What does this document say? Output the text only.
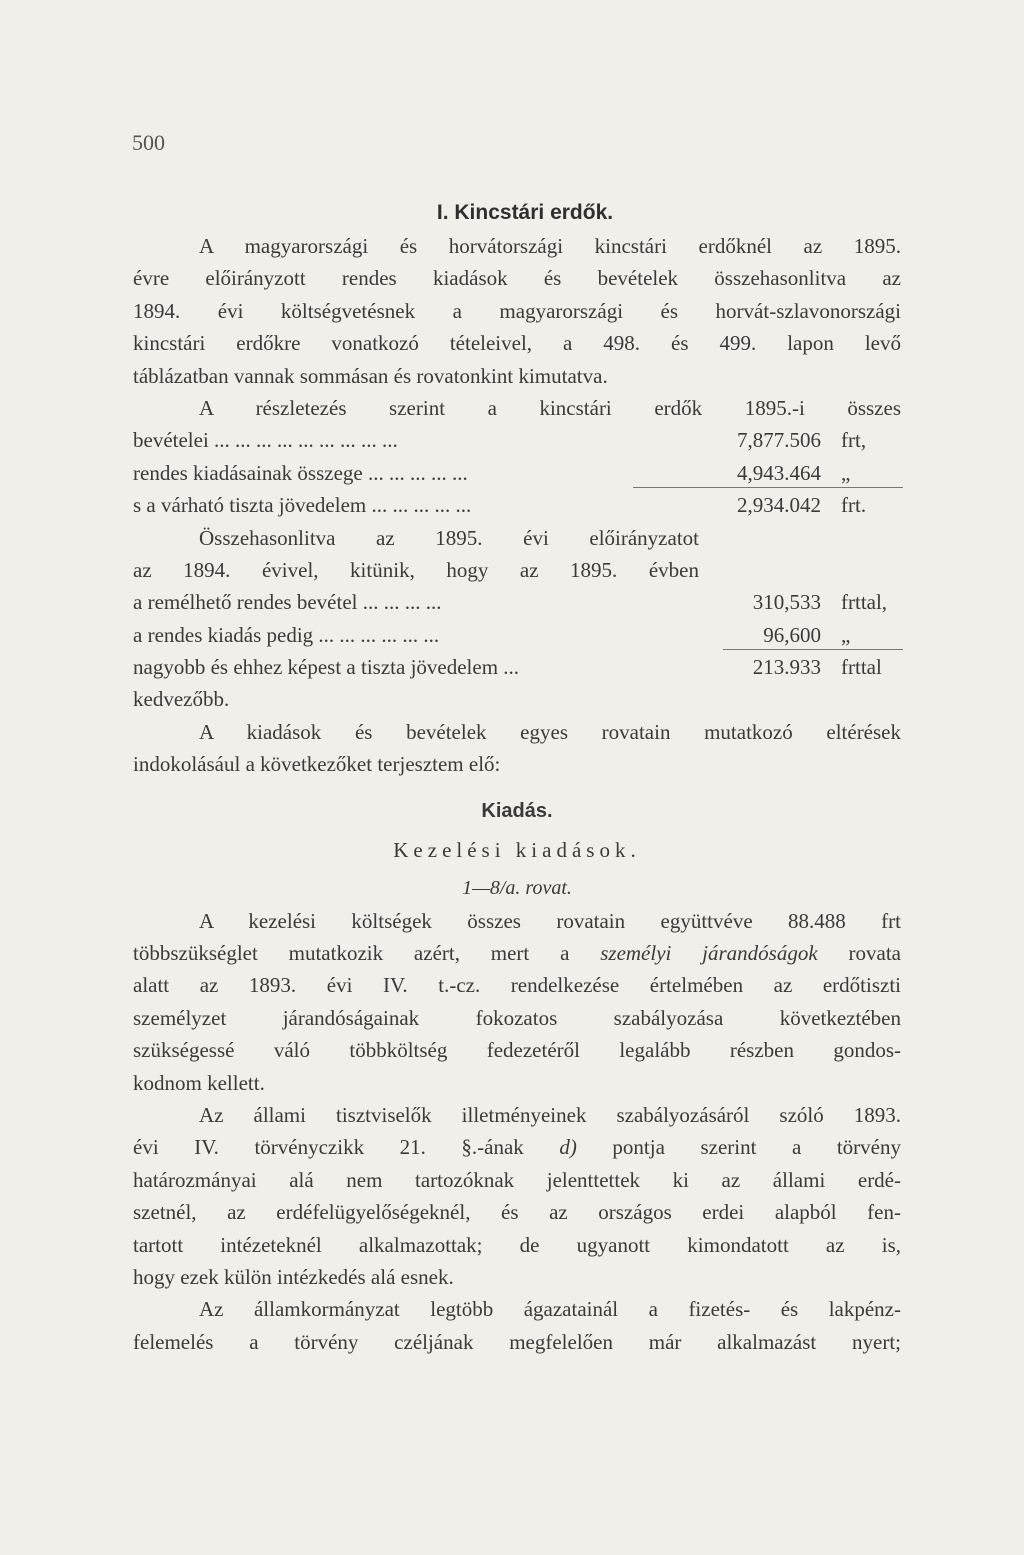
500
I. Kincstári erdők.
A magyarországi és horvátországi kincstári erdőknél az 1895.
évre előirányzott rendes kiadások és bevételek összehasonlitva az
1894. évi költségvetésnek a magyarországi és horvát-szlavonországi
kincstári erdőkre vonatkozó tételeivel, a 498. és 499. lapon levő
táblázatban vannak sommásan és rovatonkint kimutatva.
A részletezés szerint a kincstári erdők 1895.-i összes
bevételei ... ... ... ... ... ... ... ... ...	7,877.506 frt,
rendes kiadásainak összege ... ... ... ... ...	4,943.464 „
s a várható tiszta jövedelem ... ... ... ... ...	2,934.042 frt.
Összehasonlitva az 1895. évi előirányzatot
az 1894. évivel, kitünik, hogy az 1895. évben
a remélhető rendes bevétel ... ... ... ...	310,533 frttal,
a rendes kiadás pedig ... ... ... ... ... ...	96,600 „
nagyobb és ehhez képest a tiszta jövedelem ...	213.933 frttal
kedvezőbb.
A kiadások és bevételek egyes rovatain mutatkozó eltérések
indokolásául a következőket terjesztem elő:
Kiadás.
Kezelési kiadások.
1—8/a. rovat.
A kezelési költségek összes rovatain együttvéve 88.488 frt
többszükséglet mutatkozik azért, mert a személyi járandóságok rovata
alatt az 1893. évi IV. t.-cz. rendelkezése értelmében az erdőtiszti
személyzet járandóságainak fokozatos szabályozása következtében
szükségessé váló többköltség fedezetéről legalább részben gondos-
kodnom kellett.
Az állami tisztviselők illetményeinek szabályozásáról szóló 1893.
évi IV. törvényczikk 21. §.-ának d) pontja szerint a törvény
határozmányai alá nem tartozóknak jelenttettek ki az állami erdé-
szetnél, az erdéfelügyelőségeknél, és az országos erdei alapból fen-
tartott intézeteknél alkalmazottak; de ugyanott kimondatott az is,
hogy ezek külön intézkedés alá esnek.
Az államkormányzat legtöbb ágazatainál a fizetés- és lakpénz-
felemelés a törvény czéljának megfelelően már alkalmazást nyert;
